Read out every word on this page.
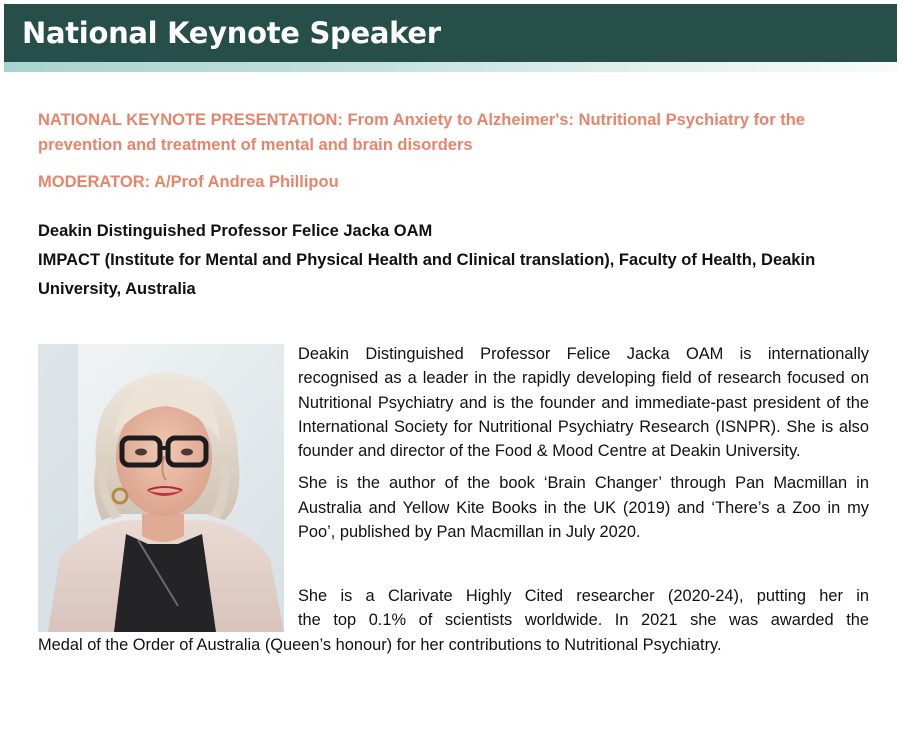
National Keynote Speaker

NATIONAL KEYNOTE PRESENTATION: From Anxiety to Alzheimer's: Nutritional Psychiatry for the prevention and treatment of mental and brain disorders

MODERATOR: A/Prof Andrea Phillipou

Deakin Distinguished Professor Felice Jacka OAM

IMPACT (Institute for Mental and Physical Health and Clinical translation), Faculty of Health, Deakin University, Australia

Deakin Distinguished Professor Felice Jacka OAM is internationally recognised as a leader in the rapidly developing field of research focused on Nutritional Psychiatry and is the founder and immediate-past president of the International Society for Nutritional Psychiatry Research (ISNPR). She is also founder and director of the Food & Mood Centre at Deakin University.

She is the author of the book ‘Brain Changer’ through Pan Macmillan in Australia and Yellow Kite Books in the UK (2019) and ‘There’s a Zoo in my Poo’, published by Pan Macmillan in July 2020.

She is a Clarivate Highly Cited researcher (2020-24), putting her in
the top 0.1% of scientists worldwide. In 2021 she was awarded the
Medal of the Order of Australia (Queen’s honour) for her contributions to Nutritional Psychiatry.
